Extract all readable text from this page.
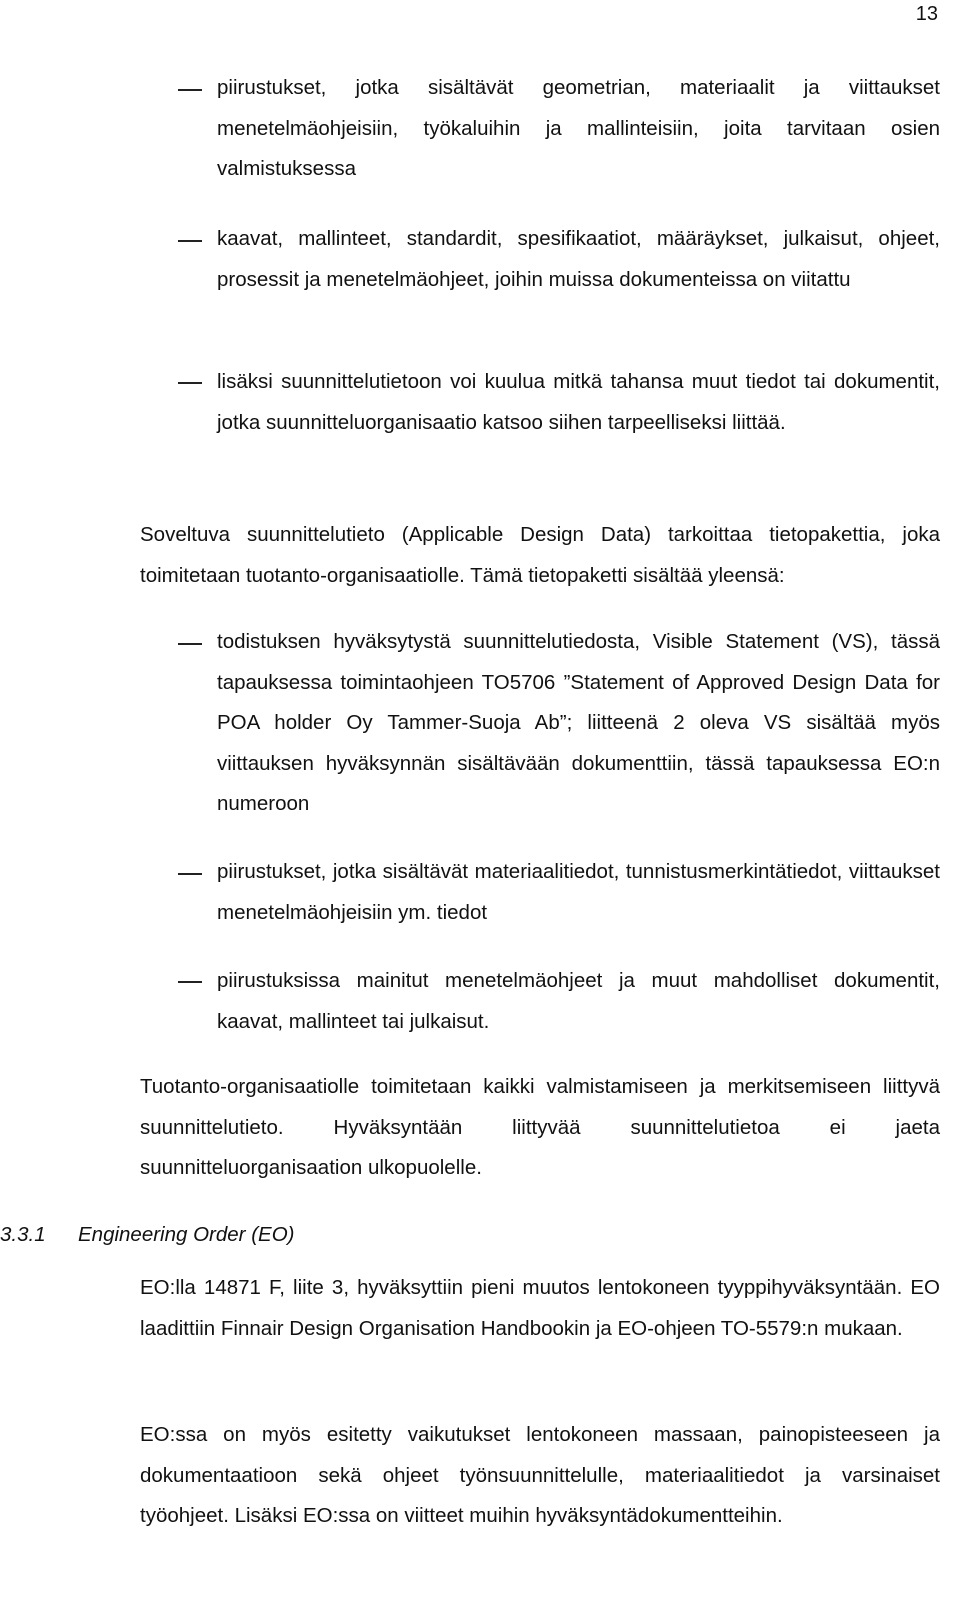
13
piirustukset, jotka sisältävät geometrian, materiaalit ja viittaukset menetelmäohjeisiin, työkaluihin ja mallinteisiin, joita tarvitaan osien valmistuksessa
kaavat, mallinteet, standardit, spesifikaatiot, määräykset, julkaisut, ohjeet, prosessit ja menetelmäohjeet, joihin muissa dokumenteissa on viitattu
lisäksi suunnittelutietoon voi kuulua mitkä tahansa muut tiedot tai dokumentit, jotka suunnitteluorganisaatio katsoo siihen tarpeelliseksi liittää.
Soveltuva suunnittelutieto (Applicable Design Data) tarkoittaa tietopakettia, joka toimitetaan tuotanto-organisaatiolle. Tämä tietopaketti sisältää yleensä:
todistuksen hyväksytystä suunnittelutiedosta, Visible Statement (VS), tässä tapauksessa toimintaohjeen TO5706 ”Statement of Approved Design Data for POA holder Oy Tammer-Suoja Ab”; liitteenä 2 oleva VS sisältää myös viittauksen hyväksynnän sisältävään dokumenttiin, tässä tapauksessa EO:n numeroon
piirustukset, jotka sisältävät materiaalitiedot, tunnistusmerkintätiedot, viittaukset menetelmäohjeisiin ym. tiedot
piirustuksissa mainitut menetelmäohjeet ja muut mahdolliset dokumentit, kaavat, mallinteet tai julkaisut.
Tuotanto-organisaatiolle toimitetaan kaikki valmistamiseen ja merkitsemiseen liittyvä suunnittelutieto. Hyväksyntään liittyvää suunnittelutietoa ei jaeta suunnitteluorganisaation ulkopuolelle.
3.3.1 Engineering Order (EO)
EO:lla 14871 F, liite 3, hyväksyttiin pieni muutos lentokoneen tyyppihyväksyntään. EO laadittiin Finnair Design Organisation Handbookin ja EO-ohjeen TO-5579:n mukaan.
EO:ssa on myös esitetty vaikutukset lentokoneen massaan, painopisteeseen ja dokumentaatioon sekä ohjeet työnsuunnittelulle, materiaalitiedot ja varsinaiset työohjeet. Lisäksi EO:ssa on viitteet muihin hyväksyntädokumentteihin.
